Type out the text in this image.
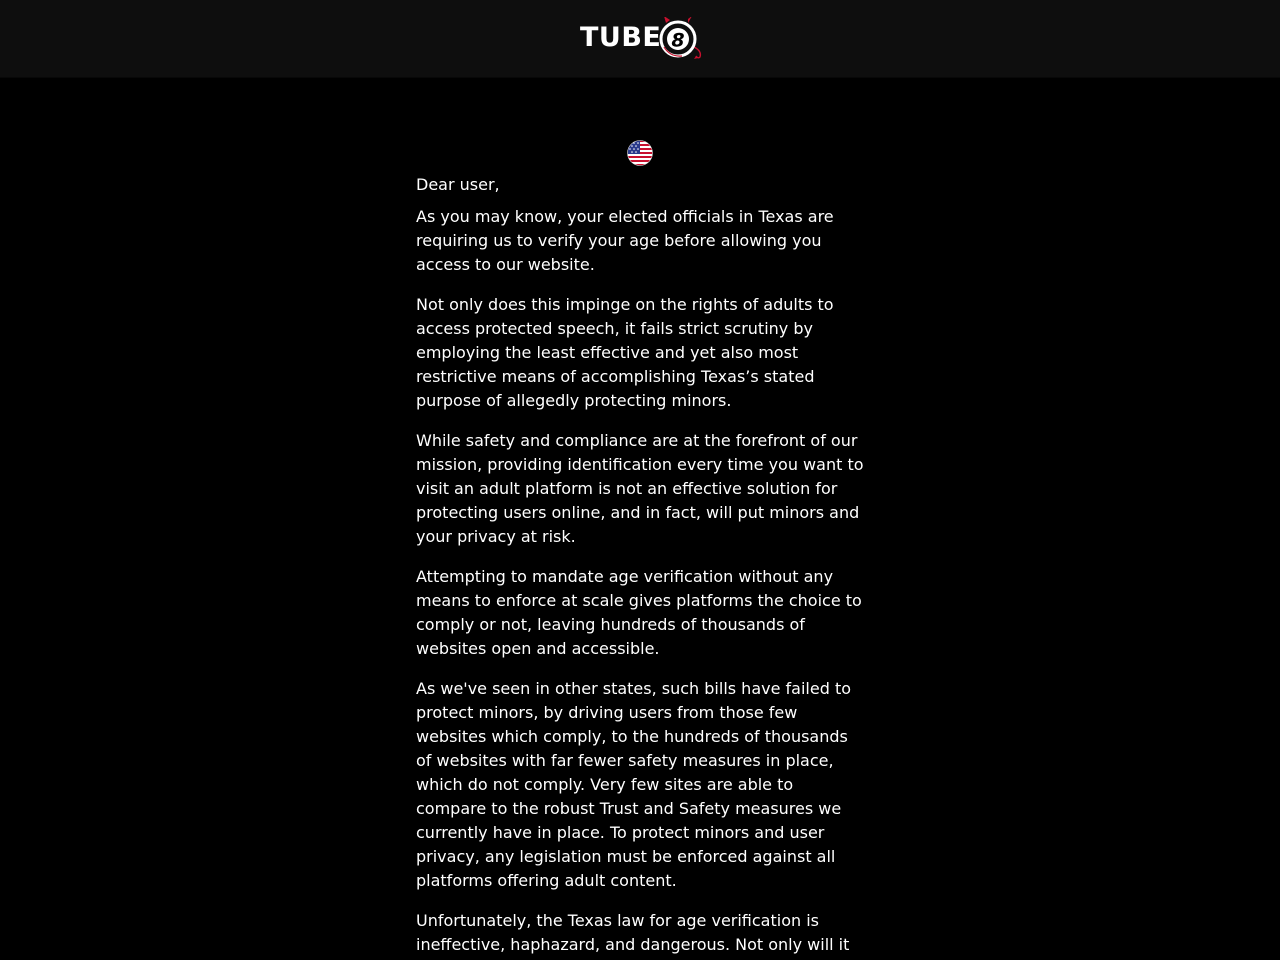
TUBE 8

Dear user,

As you may know, your elected officials in Texas are requiring us to verify your age before allowing you access to our website.

Not only does this impinge on the rights of adults to access protected speech, it fails strict scrutiny by employing the least effective and yet also most restrictive means of accomplishing Texas’s stated purpose of allegedly protecting minors.

While safety and compliance are at the forefront of our mission, providing identification every time you want to visit an adult platform is not an effective solution for protecting users online, and in fact, will put minors and your privacy at risk.

Attempting to mandate age verification without any means to enforce at scale gives platforms the choice to comply or not, leaving hundreds of thousands of websites open and accessible.

As we've seen in other states, such bills have failed to protect minors, by driving users from those few websites which comply, to the hundreds of thousands of websites with far fewer safety measures in place, which do not comply. Very few sites are able to compare to the robust Trust and Safety measures we currently have in place. To protect minors and user privacy, any legislation must be enforced against all platforms offering adult content.

Unfortunately, the Texas law for age verification is ineffective, haphazard, and dangerous. Not only will it
